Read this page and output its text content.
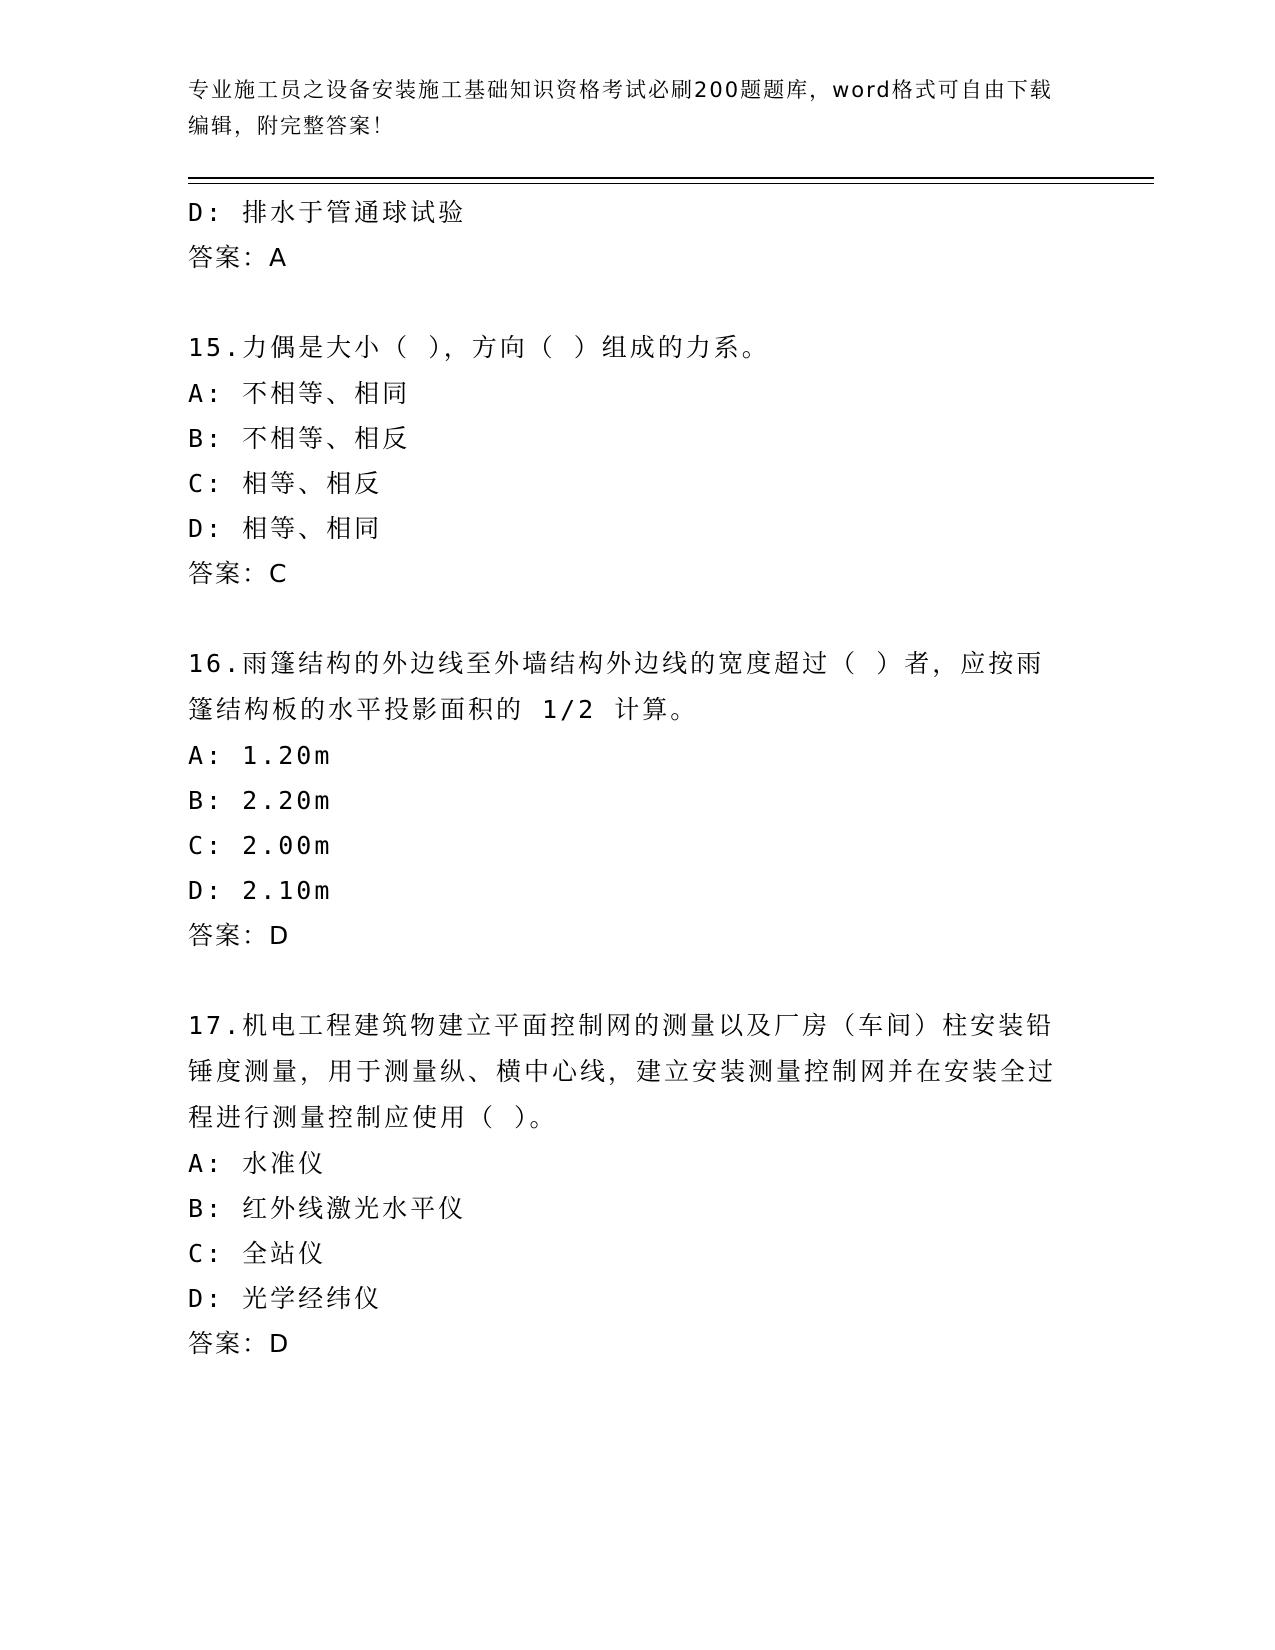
专业施工员之设备安装施工基础知识资格考试必刷200题题库，word格式可自由下载编辑，附完整答案！
D: 排水于管通球试验
答案：A
15.力偶是大小（ ），方向（ ）组成的力系。
A: 不相等、相同
B: 不相等、相反
C: 相等、相反
D: 相等、相同
答案：C
16.雨篷结构的外边线至外墙结构外边线的宽度超过（ ）者，应按雨篷结构板的水平投影面积的 1/2 计算。
A: 1.20m
B: 2.20m
C: 2.00m
D: 2.10m
答案：D
17.机电工程建筑物建立平面控制网的测量以及厂房（车间）柱安装铅锤度测量，用于测量纵、横中心线，建立安装测量控制网并在安装全过程进行测量控制应使用（ ）。
A: 水准仪
B: 红外线激光水平仪
C: 全站仪
D: 光学经纬仪
答案：D
